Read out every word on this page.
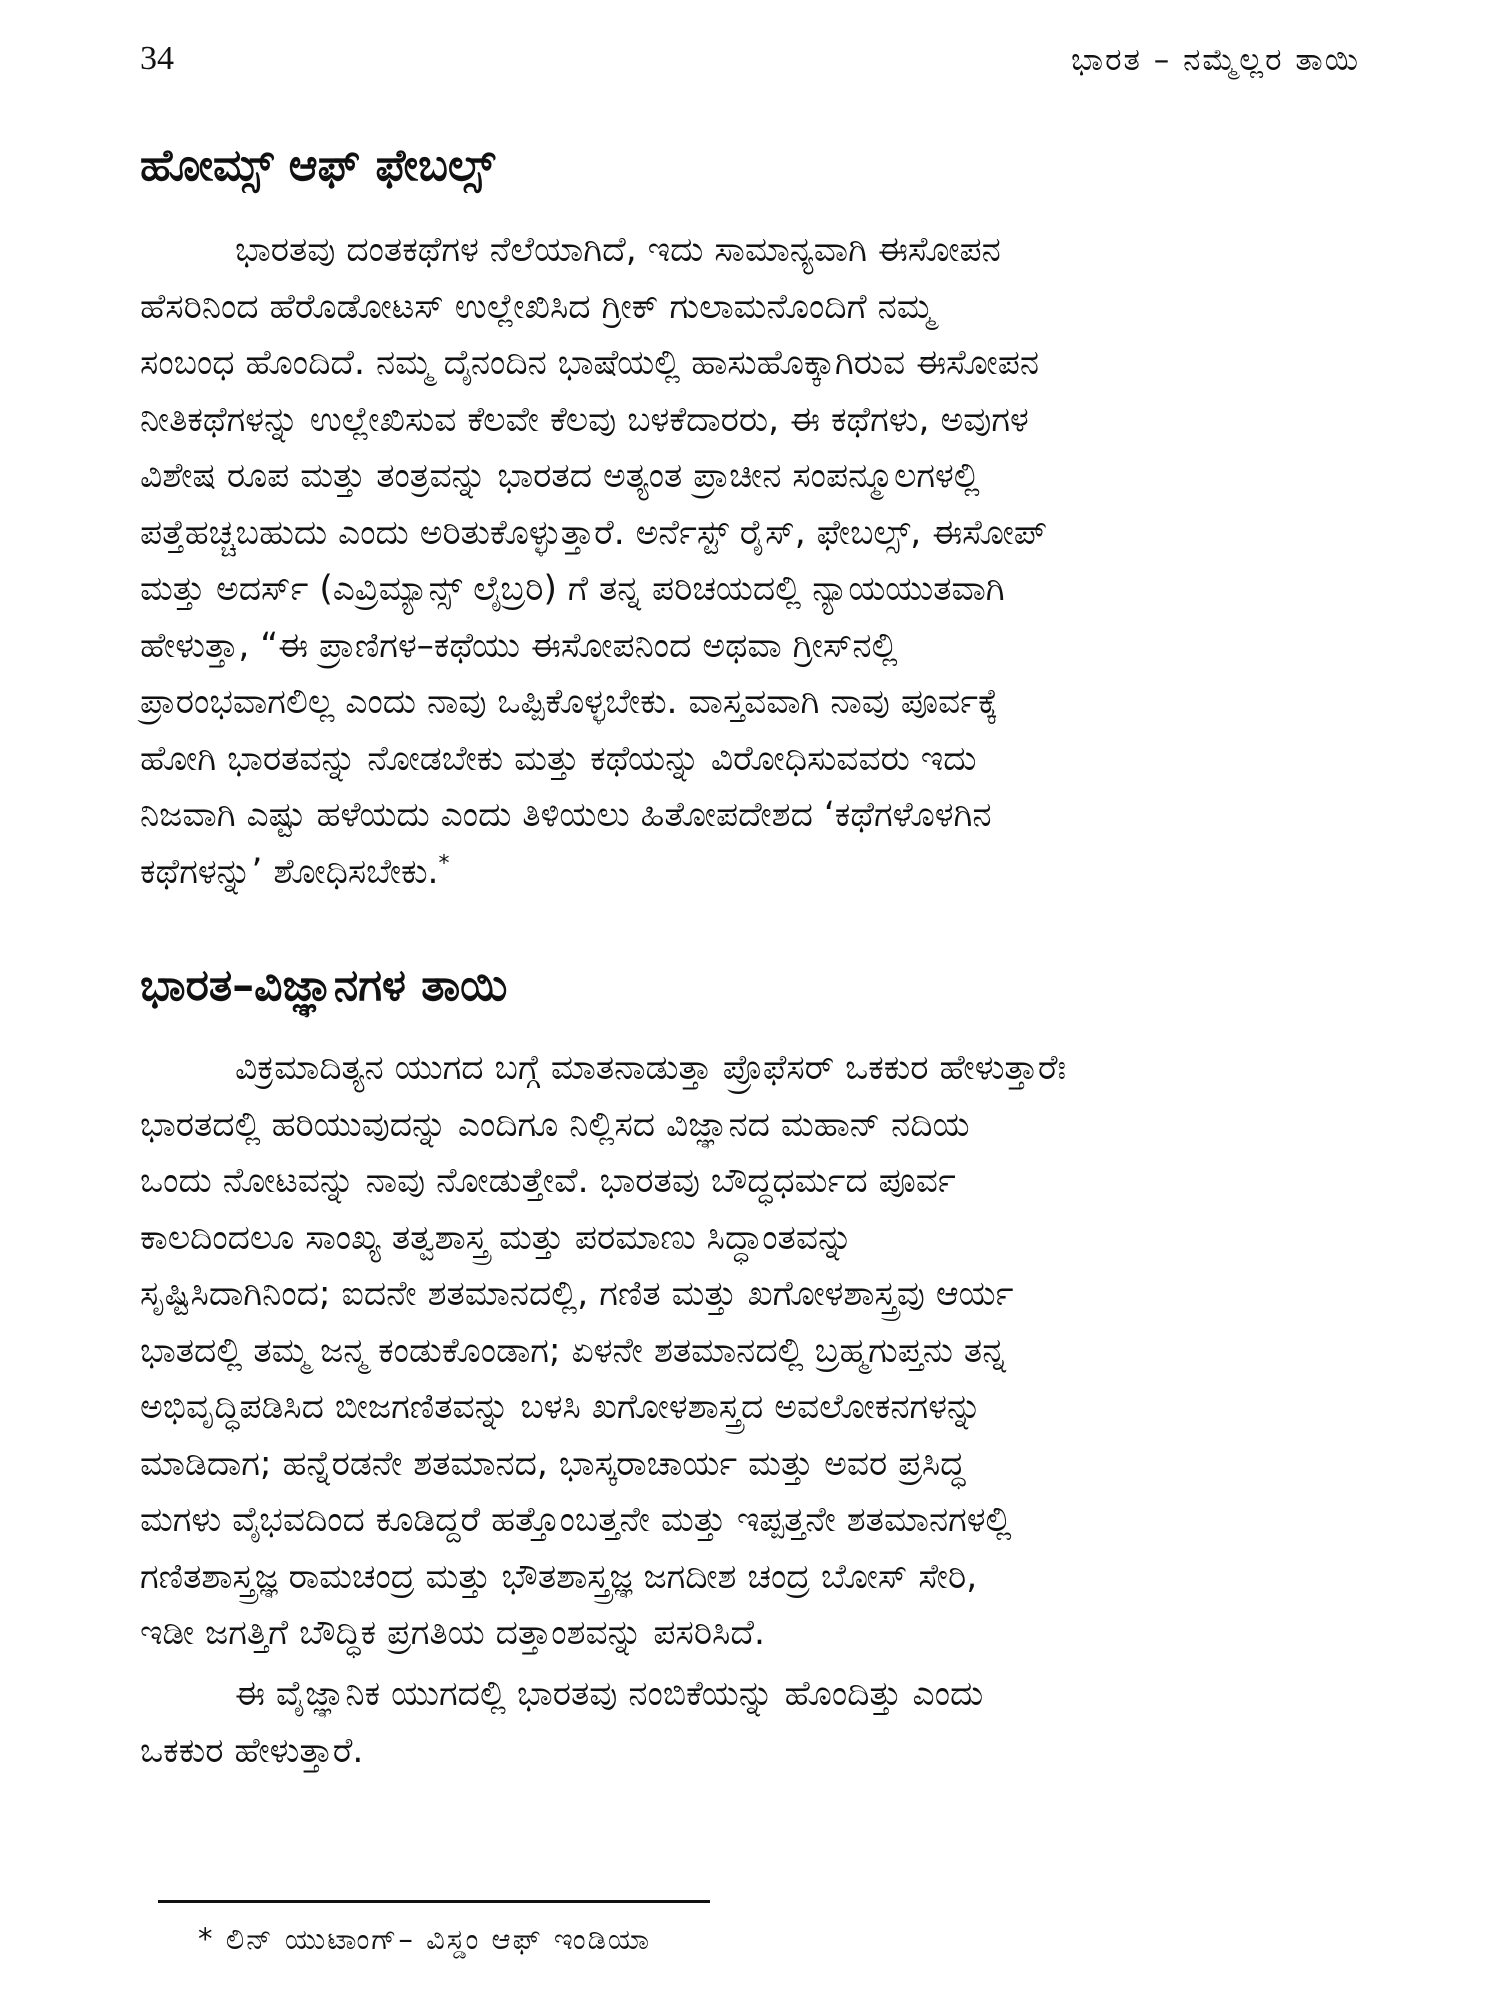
34	ಭಾರತ – ನಮ್ಮೆಲ್ಲರ ತಾಯಿ
ಹೋಮ್ಸ್ ಆಫ್ ಫೇಬಲ್ಸ್
ಭಾರತವು ದಂತಕಥೆಗಳ ನೆಲೆಯಾಗಿದೆ, ಇದು ಸಾಮಾನ್ಯವಾಗಿ ಈಸೋಪನ
ಹೆಸರಿನಿಂದ ಹೆರೊಡೋಟಸ್ ಉಲ್ಲೇಖಿಸಿದ ಗ್ರೀಕ್ ಗುಲಾಮನೊಂದಿಗೆ ನಮ್ಮ
ಸಂಬಂಧ ಹೊಂದಿದೆ. ನಮ್ಮ ದೈನಂದಿನ ಭಾಷೆಯಲ್ಲಿ ಹಾಸುಹೊಕ್ಕಾಗಿರುವ ಈಸೋಪನ
ನೀತಿಕಥೆಗಳನ್ನು ಉಲ್ಲೇಖಿಸುವ ಕೆಲವೇ ಕೆಲವು ಬಳಕೆದಾರರು, ಈ ಕಥೆಗಳು, ಅವುಗಳ
ವಿಶೇಷ ರೂಪ ಮತ್ತು ತಂತ್ರವನ್ನು ಭಾರತದ ಅತ್ಯಂತ ಪ್ರಾಚೀನ ಸಂಪನ್ಮೂಲಗಳಲ್ಲಿ
ಪತ್ತೆಹಚ್ಚಬಹುದು ಎಂದು ಅರಿತುಕೊಳ್ಳುತ್ತಾರೆ. ಅರ್ನೆಸ್ಟ್ ರೈಸ್, ಫೇಬಲ್ಸ್, ಈಸೋಪ್
ಮತ್ತು ಅದರ್ಸ್ (ಎವ್ರಿಮ್ಯಾನ್ಸ್ ಲೈಬ್ರರಿ) ಗೆ ತನ್ನ ಪರಿಚಯದಲ್ಲಿ ನ್ಯಾಯಯುತವಾಗಿ
ಹೇಳುತ್ತಾ, “ಈ ಪ್ರಾಣಿಗಳ–ಕಥೆಯು ಈಸೋಪನಿಂದ ಅಥವಾ ಗ್ರೀಸ್‌ನಲ್ಲಿ
ಪ್ರಾರಂಭವಾಗಲಿಲ್ಲ ಎಂದು ನಾವು ಒಪ್ಪಿಕೊಳ್ಳಬೇಕು. ವಾಸ್ತವವಾಗಿ ನಾವು ಪೂರ್ವಕ್ಕೆ
ಹೋಗಿ ಭಾರತವನ್ನು ನೋಡಬೇಕು ಮತ್ತು ಕಥೆಯನ್ನು ವಿರೋಧಿಸುವವರು ಇದು
ನಿಜವಾಗಿ ಎಷ್ಟು ಹಳೆಯದು ಎಂದು ತಿಳಿಯಲು ಹಿತೋಪದೇಶದ ‘ಕಥೆಗಳೊಳಗಿನ
ಕಥೆಗಳನ್ನು’ ಶೋಧಿಸಬೇಕು.*
ಭಾರತ–ವಿಜ್ಞಾನಗಳ ತಾಯಿ
ವಿಕ್ರಮಾದಿತ್ಯನ ಯುಗದ ಬಗ್ಗೆ ಮಾತನಾಡುತ್ತಾ ಪ್ರೊಫೆಸರ್ ಒಕಕುರ ಹೇಳುತ್ತಾರೆಃ
ಭಾರತದಲ್ಲಿ ಹರಿಯುವುದನ್ನು ಎಂದಿಗೂ ನಿಲ್ಲಿಸದ ವಿಜ್ಞಾನದ ಮಹಾನ್ ನದಿಯ
ಒಂದು ನೋಟವನ್ನು ನಾವು ನೋಡುತ್ತೇವೆ. ಭಾರತವು ಬೌದ್ಧಧರ್ಮದ ಪೂರ್ವ
ಕಾಲದಿಂದಲೂ ಸಾಂಖ್ಯ ತತ್ವಶಾಸ್ತ್ರ ಮತ್ತು ಪರಮಾಣು ಸಿದ್ಧಾಂತವನ್ನು
ಸೃಷ್ಟಿಸಿದಾಗಿನಿಂದ; ಐದನೇ ಶತಮಾನದಲ್ಲಿ, ಗಣಿತ ಮತ್ತು ಖಗೋಳಶಾಸ್ತ್ರವು ಆರ್ಯ
ಭಾತದಲ್ಲಿ ತಮ್ಮ ಜನ್ಮ ಕಂಡುಕೊಂಡಾಗ; ಏಳನೇ ಶತಮಾನದಲ್ಲಿ ಬ್ರಹ್ಮಗುಪ್ತನು ತನ್ನ
ಅಭಿವೃದ್ಧಿಪಡಿಸಿದ ಬೀಜಗಣಿತವನ್ನು ಬಳಸಿ ಖಗೋಳಶಾಸ್ತ್ರದ ಅವಲೋಕನಗಳನ್ನು
ಮಾಡಿದಾಗ; ಹನ್ನೆರಡನೇ ಶತಮಾನದ, ಭಾಸ್ಕರಾಚಾರ್ಯ ಮತ್ತು ಅವರ ಪ್ರಸಿದ್ಧ
ಮಗಳು ವೈಭವದಿಂದ ಕೂಡಿದ್ದರೆ ಹತ್ತೊಂಬತ್ತನೇ ಮತ್ತು ಇಪ್ಪತ್ತನೇ ಶತಮಾನಗಳಲ್ಲಿ
ಗಣಿತಶಾಸ್ತ್ರಜ್ಞ ರಾಮಚಂದ್ರ ಮತ್ತು ಭೌತಶಾಸ್ತ್ರಜ್ಞ ಜಗದೀಶ ಚಂದ್ರ ಬೋಸ್ ಸೇರಿ,
ಇಡೀ ಜಗತ್ತಿಗೆ ಬೌದ್ಧಿಕ ಪ್ರಗತಿಯ ದತ್ತಾಂಶವನ್ನು ಪಸರಿಸಿದೆ.
ಈ ವೈಜ್ಞಾನಿಕ ಯುಗದಲ್ಲಿ ಭಾರತವು ನಂಬಿಕೆಯನ್ನು ಹೊಂದಿತ್ತು ಎಂದು
ಒಕಕುರ ಹೇಳುತ್ತಾರೆ.
* ಲಿನ್ ಯುಟಾಂಗ್– ವಿಸ್ಡಂ ಆಫ್ ಇಂಡಿಯಾ
